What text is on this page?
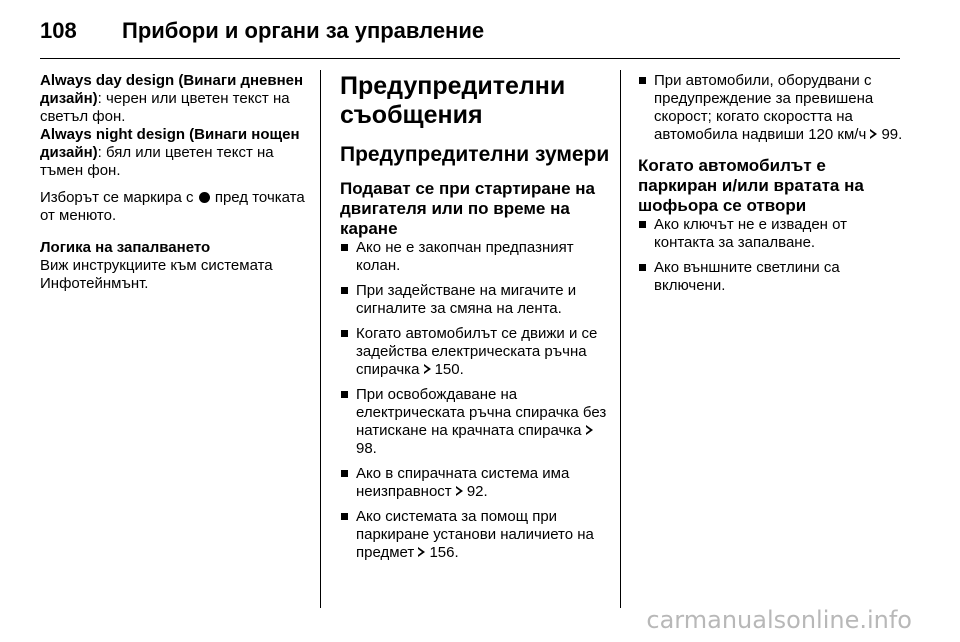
108	Прибори и органи за управление

Always day design (Винаги дневнен дизайн): черен или цветен текст на светъл фон.

Always night design (Винаги нощен дизайн): бял или цветен текст на тъмен фон.

Изборът се маркира с пред точката от менюто.

Логика на запалването

Виж инструкциите към системата Инфотейнмънт.

Предупредителни съобщения
Предупредителни зумери
Подават се при стартиране на двигателя или по време на каране
Ако не е закопчан предпазният колан.
При задействане на мигачите и сигналите за смяна на лента.
Когато автомобилът се движи и се задейства електрическата ръчна спирачка 150.
При освобождаване на електрическата ръчна спирачка без натискане на крачната спирачка 98.
Ако в спирачната система има неизправност 92.
Ако системата за помощ при паркиране установи наличието на предмет 156.
При автомобили, оборудвани с предупреждение за превишена скорост; когато скоростта на автомобила надвиши 120 км/ч 99.
Когато автомобилът е паркиран и/или вратата на шофьора се отвори
Ако ключът не е изваден от контакта за запалване.
Ако външните светлини са включени.
carmanualsonline.info
